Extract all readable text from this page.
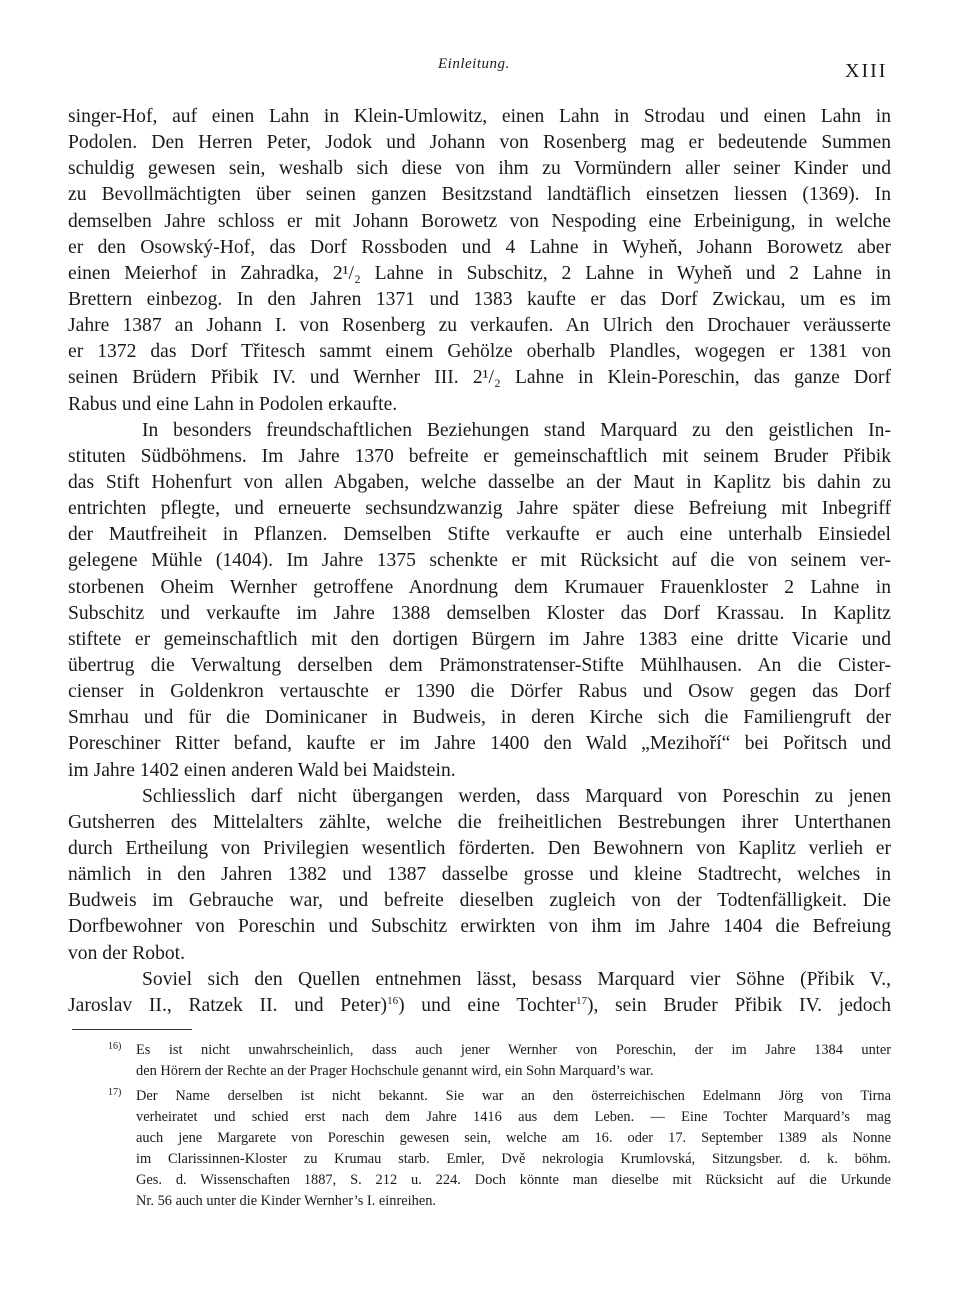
Einleitung.	XIII
singer-Hof, auf einen Lahn in Klein-Umlowitz, einen Lahn in Strodau und einen Lahn in
Podolen. Den Herren Peter, Jodok und Johann von Rosenberg mag er bedeutende Summen
schuldig gewesen sein, weshalb sich diese von ihm zu Vormündern aller seiner Kinder und
zu Bevollmächtigten über seinen ganzen Besitzstand landtäflich einsetzen liessen (1369). In
demselben Jahre schloss er mit Johann Borowetz von Nespoding eine Erbeinigung, in welche
er den Osowský-Hof, das Dorf Rossboden und 4 Lahne in Wyheň, Johann Borowetz aber
einen Meierhof in Zahradka, 2¹/₂ Lahne in Subschitz, 2 Lahne in Wyheň und 2 Lahne in
Brettern einbezog. In den Jahren 1371 und 1383 kaufte er das Dorf Zwickau, um es im
Jahre 1387 an Johann I. von Rosenberg zu verkaufen. An Ulrich den Drochauer veräusserte
er 1372 das Dorf Třitesch sammt einem Gehölze oberhalb Plandles, wogegen er 1381 von
seinen Brüdern Přibik IV. und Wernher III. 2¹/₂ Lahne in Klein-Poreschin, das ganze Dorf
Rabus und eine Lahn in Podolen erkaufte.
In besonders freundschaftlichen Beziehungen stand Marquard zu den geistlichen In-
stituten Südböhmens. Im Jahre 1370 befreite er gemeinschaftlich mit seinem Bruder Přibik
das Stift Hohenfurt von allen Abgaben, welche dasselbe an der Maut in Kaplitz bis dahin zu
entrichten pflegte, und erneuerte sechsundzwanzig Jahre später diese Befreiung mit Inbegriff
der Mautfreiheit in Pflanzen. Demselben Stifte verkaufte er auch eine unterhalb Einsiedel
gelegene Mühle (1404). Im Jahre 1375 schenkte er mit Rücksicht auf die von seinem ver-
storbenen Oheim Wernher getroffene Anordnung dem Krumauer Frauenkloster 2 Lahne in
Subschitz und verkaufte im Jahre 1388 demselben Kloster das Dorf Krassau. In Kaplitz
stiftete er gemeinschaftlich mit den dortigen Bürgern im Jahre 1383 eine dritte Vicarie und
übertrug die Verwaltung derselben dem Prämonstratenser-Stifte Mühlhausen. An die Cister-
cienser in Goldenkron vertauschte er 1390 die Dörfer Rabus und Osow gegen das Dorf
Smrhau und für die Dominicaner in Budweis, in deren Kirche sich die Familiengruft der
Poreschiner Ritter befand, kaufte er im Jahre 1400 den Wald „Mezihoří“ bei Pořitsch und
im Jahre 1402 einen anderen Wald bei Maidstein.
Schliesslich darf nicht übergangen werden, dass Marquard von Poreschin zu jenen
Gutsherren des Mittelalters zählte, welche die freiheitlichen Bestrebungen ihrer Unterthanen
durch Ertheilung von Privilegien wesentlich förderten. Den Bewohnern von Kaplitz verlieh er
nämlich in den Jahren 1382 und 1387 dasselbe grosse und kleine Stadtrecht, welches in
Budweis im Gebrauche war, und befreite dieselben zugleich von der Todtenfälligkeit. Die
Dorfbewohner von Poreschin und Subschitz erwirkten von ihm im Jahre 1404 die Befreiung
von der Robot.
Soviel sich den Quellen entnehmen lässt, besass Marquard vier Söhne (Přibik V.,
Jaroslav II., Ratzek II. und Peter)$^{16}$) und eine Tochter$^{17}$), sein Bruder Přibik IV. jedoch
16) Es ist nicht unwahrscheinlich, dass auch jener Wernher von Poreschin, der im Jahre 1384 unter
den Hörern der Rechte an der Prager Hochschule genannt wird, ein Sohn Marquard’s war.
17) Der Name derselben ist nicht bekannt. Sie war an den österreichischen Edelmann Jörg von Tirna
verheiratet und schied erst nach dem Jahre 1416 aus dem Leben. — Eine Tochter Marquard’s mag
auch jene Margarete von Poreschin gewesen sein, welche am 16. oder 17. September 1389 als Nonne
im Clarissinnen-Kloster zu Krumau starb. Emler, Dvě nekrologia Krumlovská, Sitzungsber. d. k. böhm.
Ges. d. Wissenschaften 1887, S. 212 u. 224. Doch könnte man dieselbe mit Rücksicht auf die Urkunde
Nr. 56 auch unter die Kinder Wernher’s I. einreihen.
